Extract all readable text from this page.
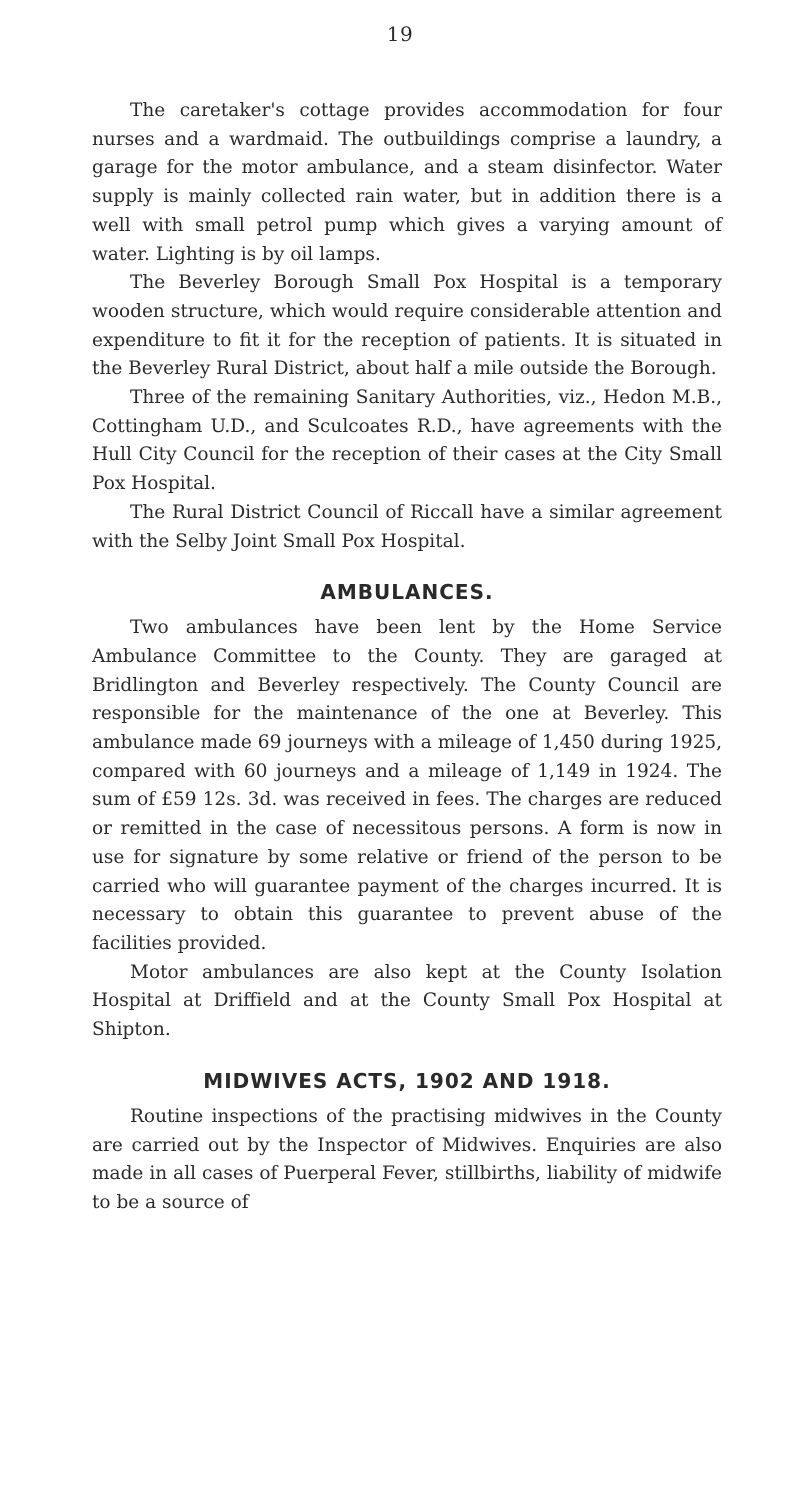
19

The caretaker's cottage provides accommodation for four nurses and a wardmaid. The outbuildings comprise a laundry, a garage for the motor ambulance, and a steam disinfector. Water supply is mainly collected rain water, but in addition there is a well with small petrol pump which gives a varying amount of water. Lighting is by oil lamps.

The Beverley Borough Small Pox Hospital is a temporary wooden structure, which would require considerable attention and expenditure to fit it for the reception of patients. It is situated in the Beverley Rural District, about half a mile outside the Borough.

Three of the remaining Sanitary Authorities, viz., Hedon M.B., Cottingham U.D., and Sculcoates R.D., have agreements with the Hull City Council for the reception of their cases at the City Small Pox Hospital.

The Rural District Council of Riccall have a similar agreement with the Selby Joint Small Pox Hospital.

AMBULANCES.

Two ambulances have been lent by the Home Service Ambulance Committee to the County. They are garaged at Bridlington and Beverley respectively. The County Council are responsible for the maintenance of the one at Beverley. This ambulance made 69 journeys with a mileage of 1,450 during 1925, compared with 60 journeys and a mileage of 1,149 in 1924. The sum of £59 12s. 3d. was received in fees. The charges are reduced or remitted in the case of necessitous persons. A form is now in use for signature by some relative or friend of the person to be carried who will guarantee payment of the charges incurred. It is necessary to obtain this guarantee to prevent abuse of the facilities provided.

Motor ambulances are also kept at the County Isolation Hospital at Driffield and at the County Small Pox Hospital at Shipton.

MIDWIVES ACTS, 1902 AND 1918.

Routine inspections of the practising midwives in the County are carried out by the Inspector of Midwives. Enquiries are also made in all cases of Puerperal Fever, stillbirths, liability of midwife to be a source of
